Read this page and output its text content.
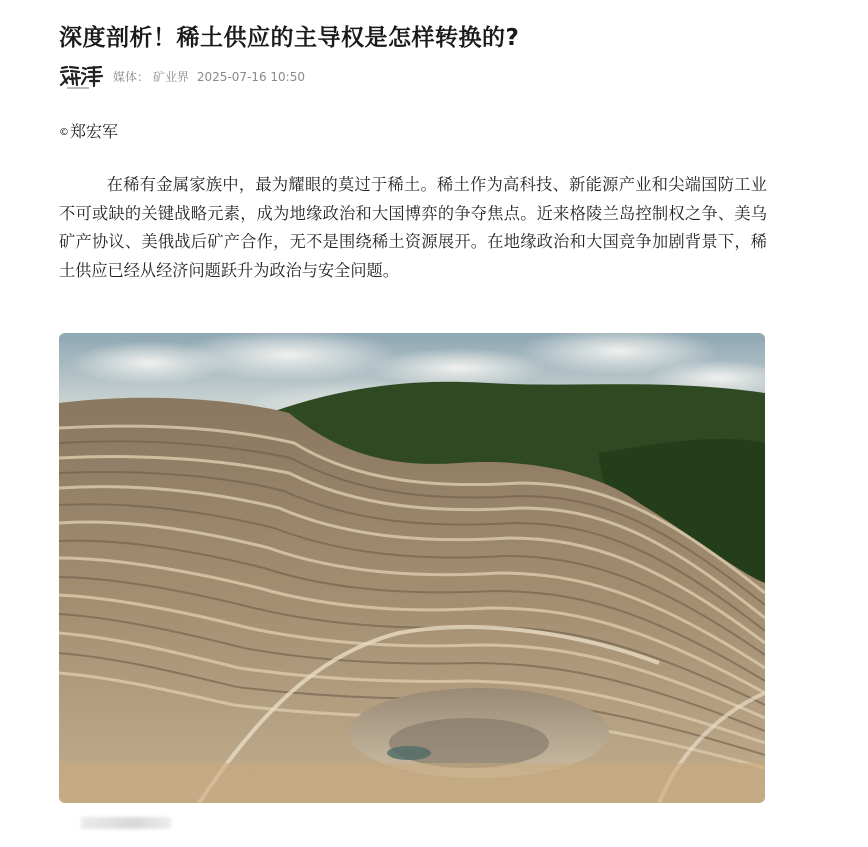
深度剖析！稀土供应的主导权是怎样转换的?
媒体： 矿业界 2025-07-16 10:50
©郑宏军

在稀有金属家族中，最为耀眼的莫过于稀土。稀土作为高科技、新能源产业和尖端国防工业不可或缺的关键战略元素，成为地缘政治和大国博弈的争夺焦点。近来格陵兰岛控制权之争、美乌矿产协议、美俄战后矿产合作，无不是围绕稀土资源展开。在地缘政治和大国竞争加剧背景下，稀土供应已经从经济问题跃升为政治与安全问题。
